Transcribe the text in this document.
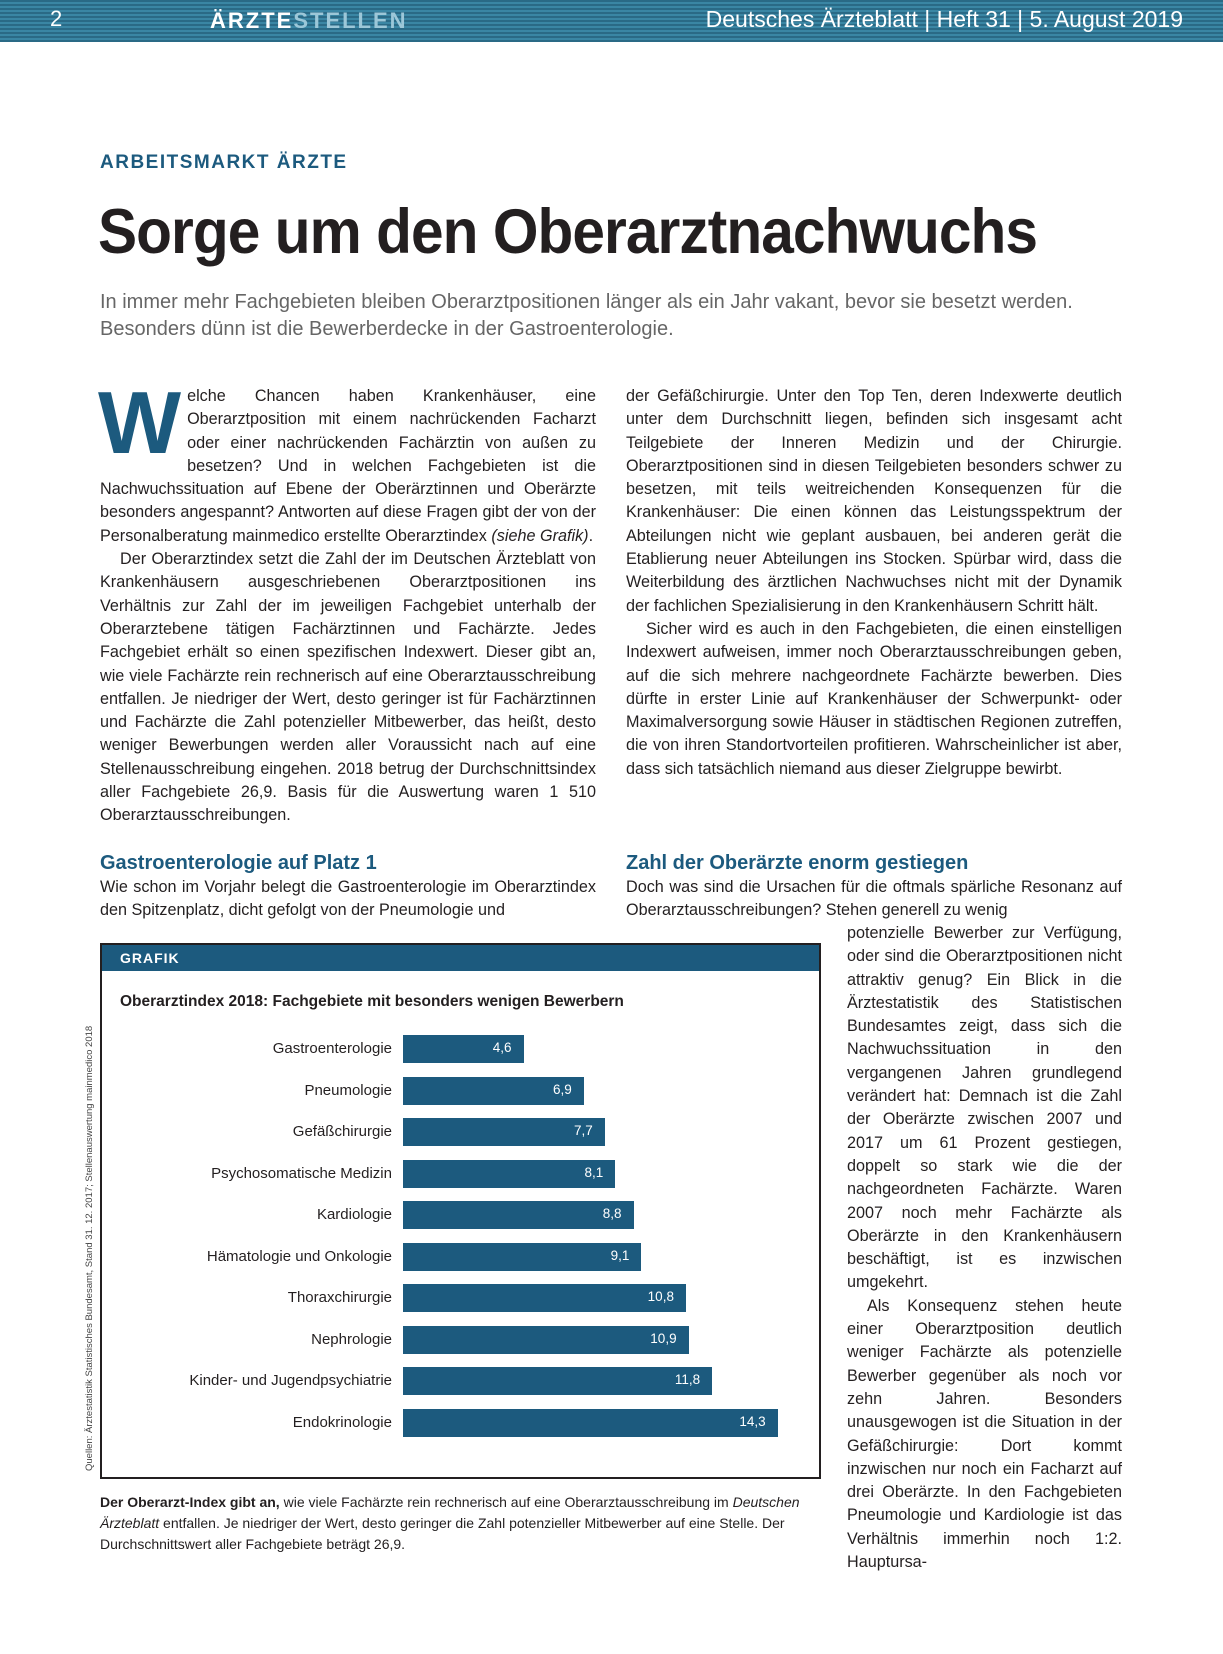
2	ÄRZTESTELLEN	Deutsches Ärzteblatt | Heft 31 | 5. August 2019
ARBEITSMARKT ÄRZTE
Sorge um den Oberarztnachwuchs

In immer mehr Fachgebieten bleiben Oberarztpositionen länger als ein Jahr vakant, bevor sie besetzt werden. Besonders dünn ist die Bewerberdecke in der Gastroenterologie.

Welche Chancen haben Krankenhäuser, eine Oberarztposition mit einem nachrückenden Facharzt oder einer nachrückenden Fachärztin von außen zu besetzen? Und in welchen Fachgebieten ist die Nachwuchssituation auf Ebene der Oberärztinnen und Oberärzte besonders angespannt? Antworten auf diese Fragen gibt der von der Personalberatung mainmedico erstellte Oberarztindex (siehe Grafik).

Der Oberarztindex setzt die Zahl der im Deutschen Ärzteblatt von Krankenhäusern ausgeschriebenen Oberarztpositionen ins Verhältnis zur Zahl der im jeweiligen Fachgebiet unterhalb der Oberarztebene tätigen Fachärztinnen und Fachärzte. Jedes Fachgebiet erhält so einen spezifischen Indexwert. Dieser gibt an, wie viele Fachärzte rein rechnerisch auf eine Oberarztausschreibung entfallen. Je niedriger der Wert, desto geringer ist für Fachärztinnen und Fachärzte die Zahl potenzieller Mitbewerber, das heißt, desto weniger Bewerbungen werden aller Voraussicht nach auf eine Stellenausschreibung eingehen. 2018 betrug der Durchschnittsindex aller Fachgebiete 26,9. Basis für die Auswertung waren 1 510 Oberarztausschreibungen.

Gastroenterologie auf Platz 1

Wie schon im Vorjahr belegt die Gastroenterologie im Oberarztindex den Spitzenplatz, dicht gefolgt von der Pneumologie und

der Gefäßchirurgie. Unter den Top Ten, deren Indexwerte deutlich unter dem Durchschnitt liegen, befinden sich insgesamt acht Teilgebiete der Inneren Medizin und der Chirurgie. Oberarztpositionen sind in diesen Teilgebieten besonders schwer zu besetzen, mit teils weitreichenden Konsequenzen für die Krankenhäuser: Die einen können das Leistungsspektrum der Abteilungen nicht wie geplant ausbauen, bei anderen gerät die Etablierung neuer Abteilungen ins Stocken. Spürbar wird, dass die Weiterbildung des ärztlichen Nachwuchses nicht mit der Dynamik der fachlichen Spezialisierung in den Krankenhäusern Schritt hält.

Sicher wird es auch in den Fachgebieten, die einen einstelligen Indexwert aufweisen, immer noch Oberarztausschreibungen geben, auf die sich mehrere nachgeordnete Fachärzte bewerben. Dies dürfte in erster Linie auf Krankenhäuser der Schwerpunkt- oder Maximalversorgung sowie Häuser in städtischen Regionen zutreffen, die von ihren Standortvorteilen profitieren. Wahrscheinlicher ist aber, dass sich tatsächlich niemand aus dieser Zielgruppe bewirbt.

Zahl der Oberärzte enorm gestiegen

Doch was sind die Ursachen für die oftmals spärliche Resonanz auf Oberarztausschreibungen? Stehen generell zu wenig

potenzielle Bewerber zur Verfügung, oder sind die Oberarztpositionen nicht attraktiv genug? Ein Blick in die Ärztestatistik des Statistischen Bundesamtes zeigt, dass sich die Nachwuchssituation in den vergangenen Jahren grundlegend verändert hat: Demnach ist die Zahl der Oberärzte zwischen 2007 und 2017 um 61 Prozent gestiegen, doppelt so stark wie die der nachgeordneten Fachärzte. Waren 2007 noch mehr Fachärzte als Oberärzte in den Krankenhäusern beschäftigt, ist es inzwischen umgekehrt.

Als Konsequenz stehen heute einer Oberarztposition deutlich weniger Fachärzte als potenzielle Bewerber gegenüber als noch vor zehn Jahren. Besonders unausgewogen ist die Situation in der Gefäßchirurgie: Dort kommt inzwischen nur noch ein Facharzt auf drei Oberärzte. In den Fachgebieten Pneumologie und Kardiologie ist das Verhältnis immerhin noch 1:2. Hauptursa-

Quellen: Ärztestatistik Statistisches Bundesamt, Stand 31. 12. 2017; Stellenauswertung mainmedico 2018
GRAFIK
Oberarztindex 2018: Fachgebiete mit besonders wenigen Bewerbern
Gastroenterologie	4,6
Pneumologie	6,9
Gefäßchirurgie	7,7
Psychosomatische Medizin	8,1
Kardiologie	8,8
Hämatologie und Onkologie	9,1
Thoraxchirurgie	10,8
Nephrologie	10,9
Kinder- und Jugendpsychiatrie	11,8
Endokrinologie	14,3

Der Oberarzt-Index gibt an, wie viele Fachärzte rein rechnerisch auf eine Oberarztausschreibung im Deutschen Ärzteblatt entfallen. Je niedriger der Wert, desto geringer die Zahl potenzieller Mitbewerber auf eine Stelle. Der Durchschnittswert aller Fachgebiete beträgt 26,9.
